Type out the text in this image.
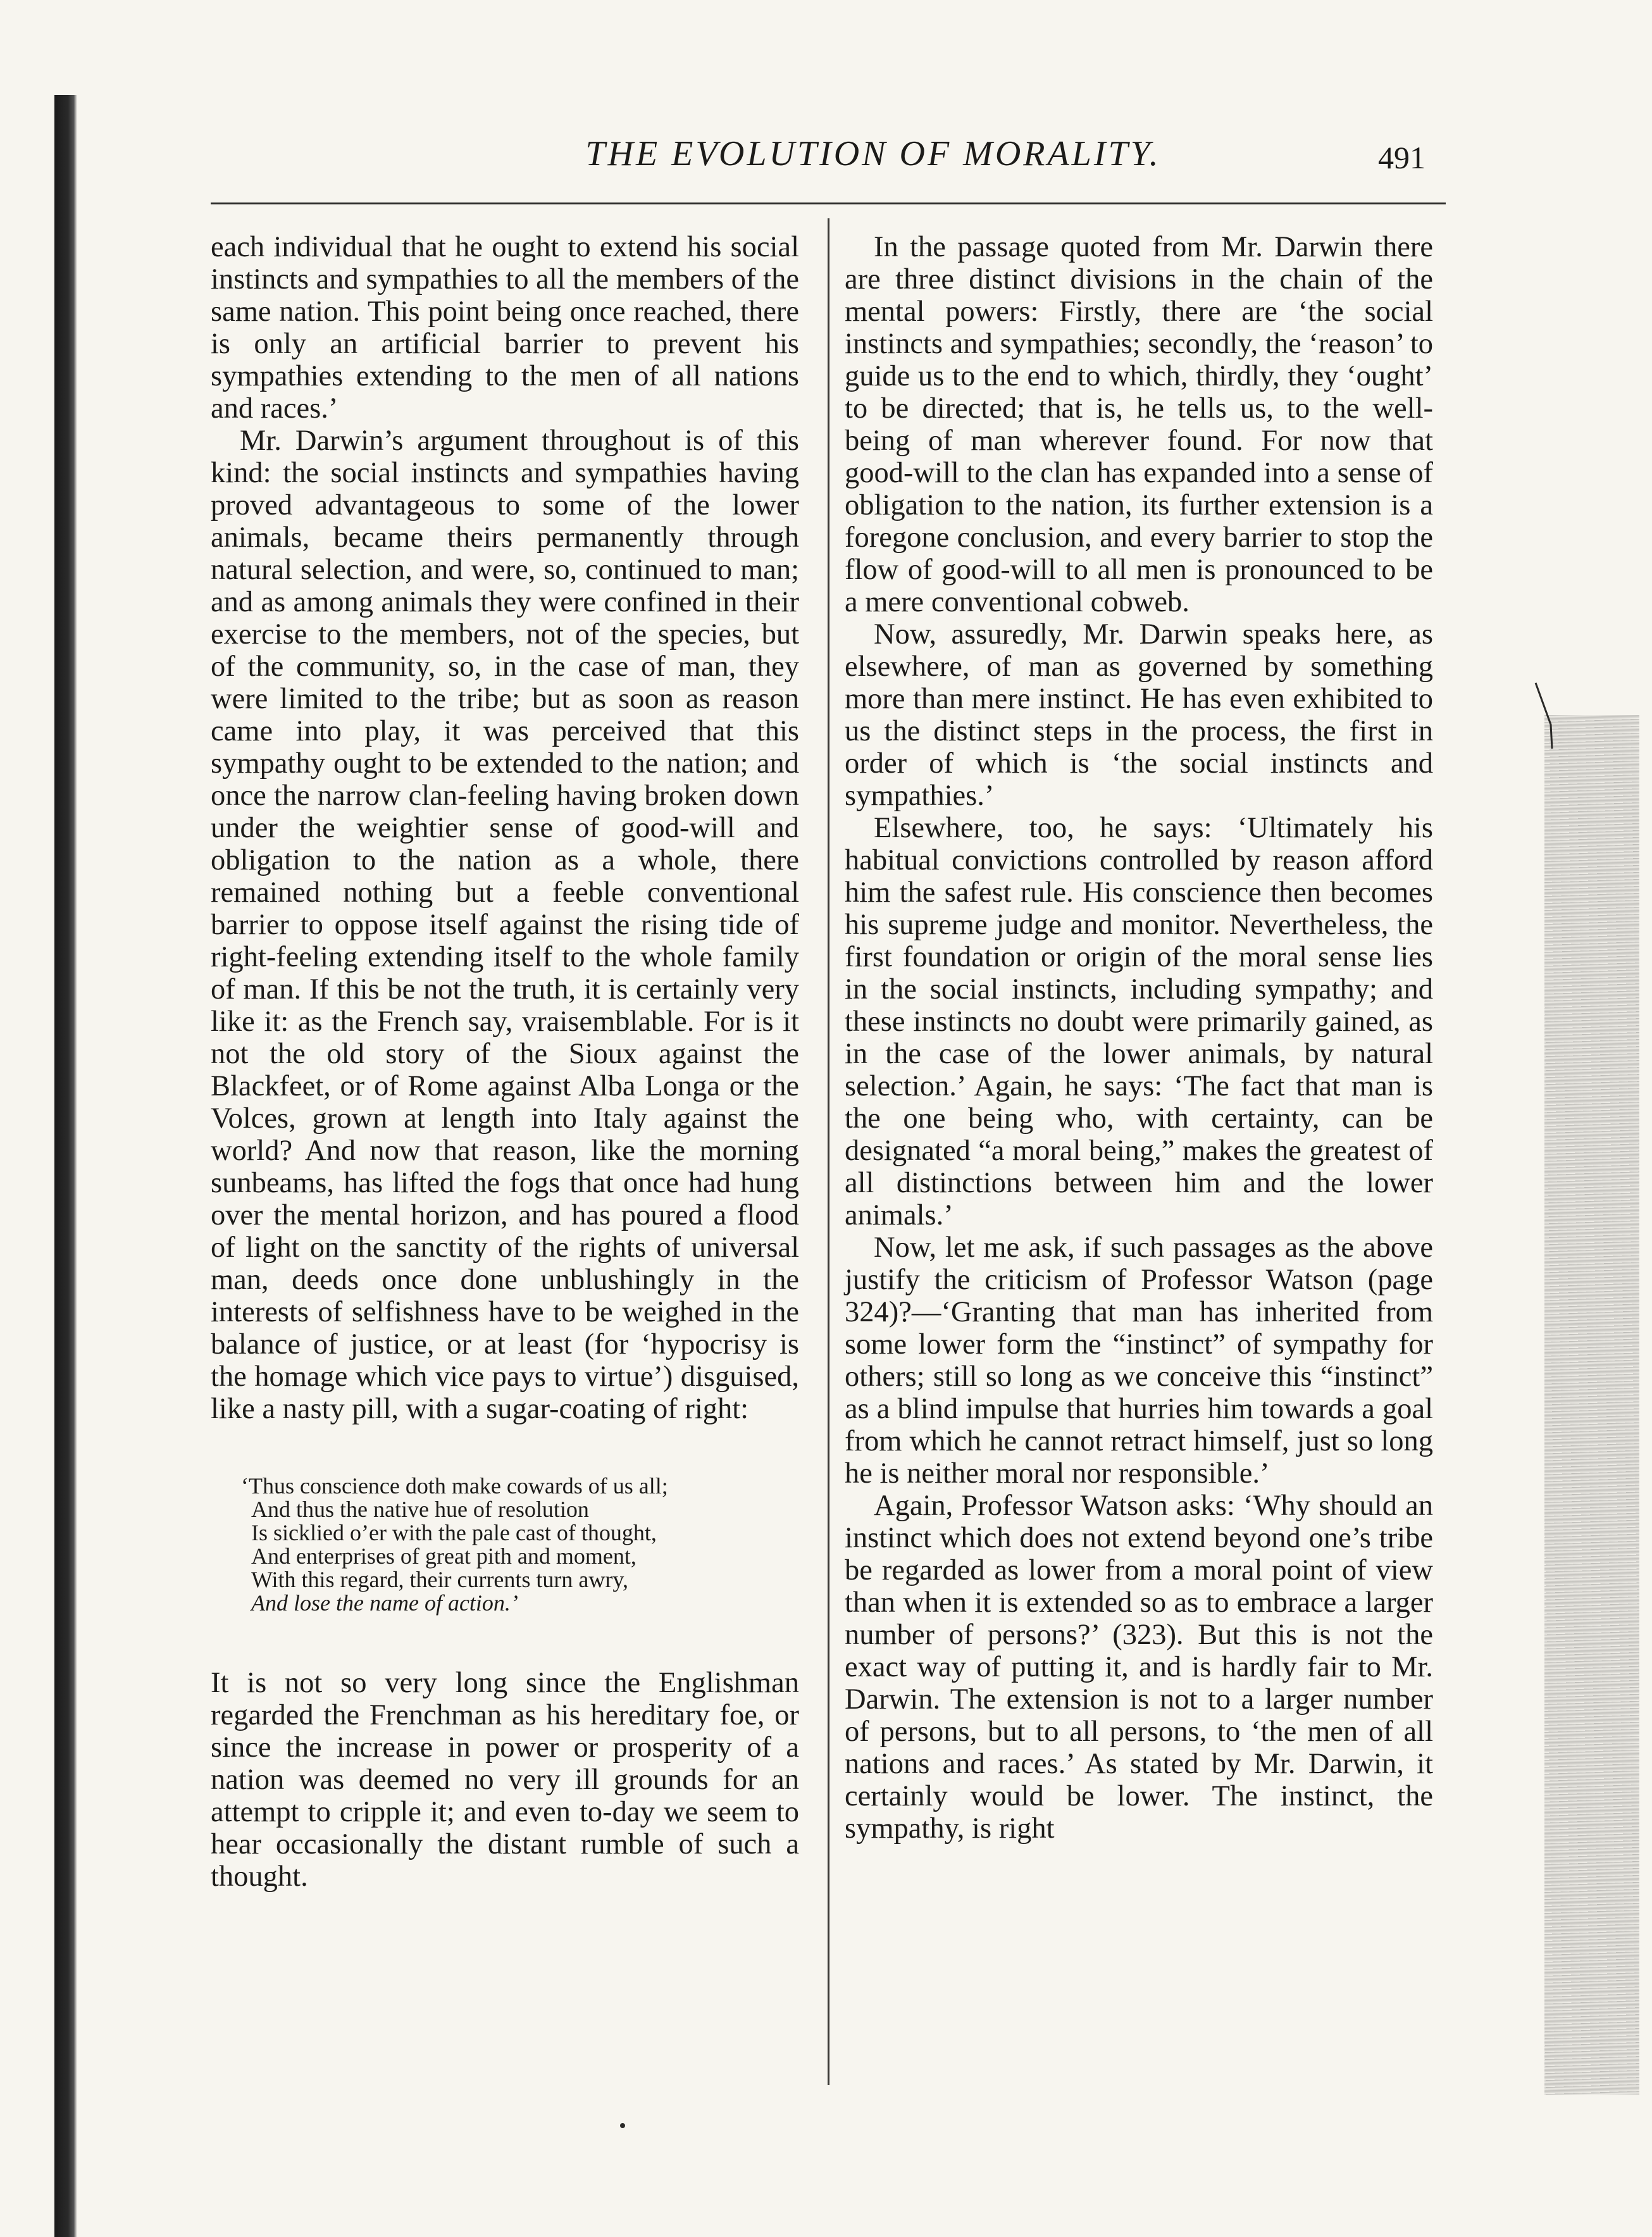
THE EVOLUTION OF MORALITY.	491

each individual that he ought to extend his social instincts and sympathies to all the members of the same nation. This point being once reached, there is only an artificial barrier to prevent his sympathies extending to the men of all nations and races.’

Mr. Darwin’s argument throughout is of this kind: the social instincts and sympathies having proved advantageous to some of the lower animals, became theirs permanently through natural selection, and were, so, continued to man; and as among animals they were confined in their exercise to the members, not of the species, but of the community, so, in the case of man, they were limited to the tribe; but as soon as reason came into play, it was perceived that this sympathy ought to be extended to the nation; and once the narrow clan-feeling having broken down under the weightier sense of good-will and obligation to the nation as a whole, there remained nothing but a feeble conventional barrier to oppose itself against the rising tide of right-feeling extending itself to the whole family of man. If this be not the truth, it is certainly very like it: as the French say, vraisemblable. For is it not the old story of the Sioux against the Blackfeet, or of Rome against Alba Longa or the Volces, grown at length into Italy against the world? And now that reason, like the morning sunbeams, has lifted the fogs that once had hung over the mental horizon, and has poured a flood of light on the sanctity of the rights of universal man, deeds once done unblushingly in the interests of selfishness have to be weighed in the balance of justice, or at least (for ‘hypocrisy is the homage which vice pays to virtue’) disguised, like a nasty pill, with a sugar-coating of right:

‘Thus conscience doth make cowards of us all;
And thus the native hue of resolution
Is sicklied o’er with the pale cast of thought,
And enterprises of great pith and moment,
With this regard, their currents turn awry,
And lose the name of action.’

It is not so very long since the Englishman regarded the Frenchman as his hereditary foe, or since the increase in power or prosperity of a nation was deemed no very ill grounds for an attempt to cripple it; and even to-day we seem to hear occasionally the distant rumble of such a thought.

In the passage quoted from Mr. Darwin there are three distinct divisions in the chain of the mental powers: Firstly, there are ‘the social instincts and sympathies; secondly, the ‘reason’ to guide us to the end to which, thirdly, they ‘ought’ to be directed; that is, he tells us, to the well-being of man wherever found. For now that good-will to the clan has expanded into a sense of obligation to the nation, its further extension is a foregone conclusion, and every barrier to stop the flow of good-will to all men is pronounced to be a mere conventional cobweb.

Now, assuredly, Mr. Darwin speaks here, as elsewhere, of man as governed by something more than mere instinct. He has even exhibited to us the distinct steps in the process, the first in order of which is ‘the social instincts and sympathies.’

Elsewhere, too, he says: ‘Ultimately his habitual convictions controlled by reason afford him the safest rule. His conscience then becomes his supreme judge and monitor. Nevertheless, the first foundation or origin of the moral sense lies in the social instincts, including sympathy; and these instincts no doubt were primarily gained, as in the case of the lower animals, by natural selection.’ Again, he says: ‘The fact that man is the one being who, with certainty, can be designated “a moral being,” makes the greatest of all distinctions between him and the lower animals.’

Now, let me ask, if such passages as the above justify the criticism of Professor Watson (page 324)?—‘Granting that man has inherited from some lower form the “instinct” of sympathy for others; still so long as we conceive this “instinct” as a blind impulse that hurries him towards a goal from which he cannot retract himself, just so long he is neither moral nor responsible.’

Again, Professor Watson asks: ‘Why should an instinct which does not extend beyond one’s tribe be regarded as lower from a moral point of view than when it is extended so as to embrace a larger number of persons?’ (323). But this is not the exact way of putting it, and is hardly fair to Mr. Darwin. The extension is not to a larger number of persons, but to all persons, to ‘the men of all nations and races.’ As stated by Mr. Darwin, it certainly would be lower. The instinct, the sympathy, is right
